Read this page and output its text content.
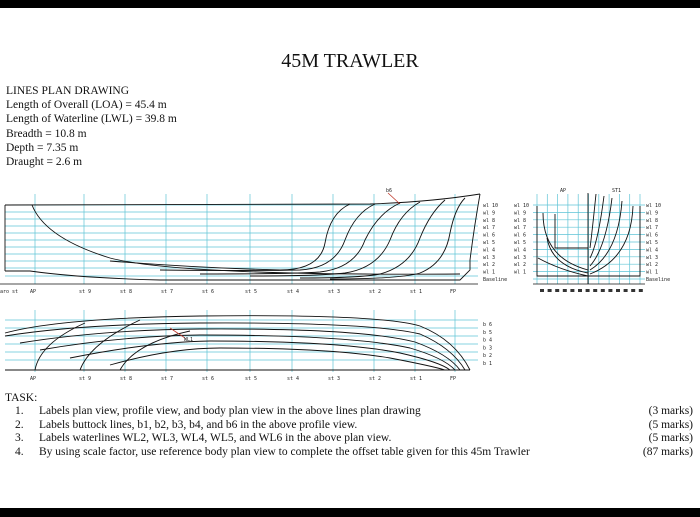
45M TRAWLER
LINES PLAN DRAWING
Length of Overall (LOA) = 45.4 m
Length of Waterline (LWL) = 39.8 m
Breadth = 10.8 m
Depth = 7.35 m
Draught = 2.6 m
b6
aro st AP	st 9	st 8	st 7	st 6	st 5	st 4	st 3	st 2	st 1	FP
wl 10
wl 9
wl 8
wl 7
wl 6
wl 5
wl 4
wl 3
wl 2
wl 1
Baseline
WL1
AP	st 9	st 8	st 7	st 6	st 5	st 4	st 3	st 2	st 1	FP
b 6
b 5
b 4
b 3
b 2
b 1
AP	ST1
wl 10
wl 9
wl 8
wl 7
wl 6
wl 5
wl 4
wl 3
wl 2
wl 1
wl 10
wl 9
wl 8
wl 7
wl 6
wl 5
wl 4
wl 3
wl 2
wl 1
Baseline
TASK:
1. Labels plan view, profile view, and body plan view in the above lines plan drawing	(3 marks)
2. Labels buttock lines, b1, b2, b3, b4, and b6 in the above profile view.	(5 marks)
3. Labels waterlines WL2, WL3, WL4, WL5, and WL6 in the above plan view.	(5 marks)
4. By using scale factor, use reference body plan view to complete the offset table given for this 45m Trawler	(87 marks)
